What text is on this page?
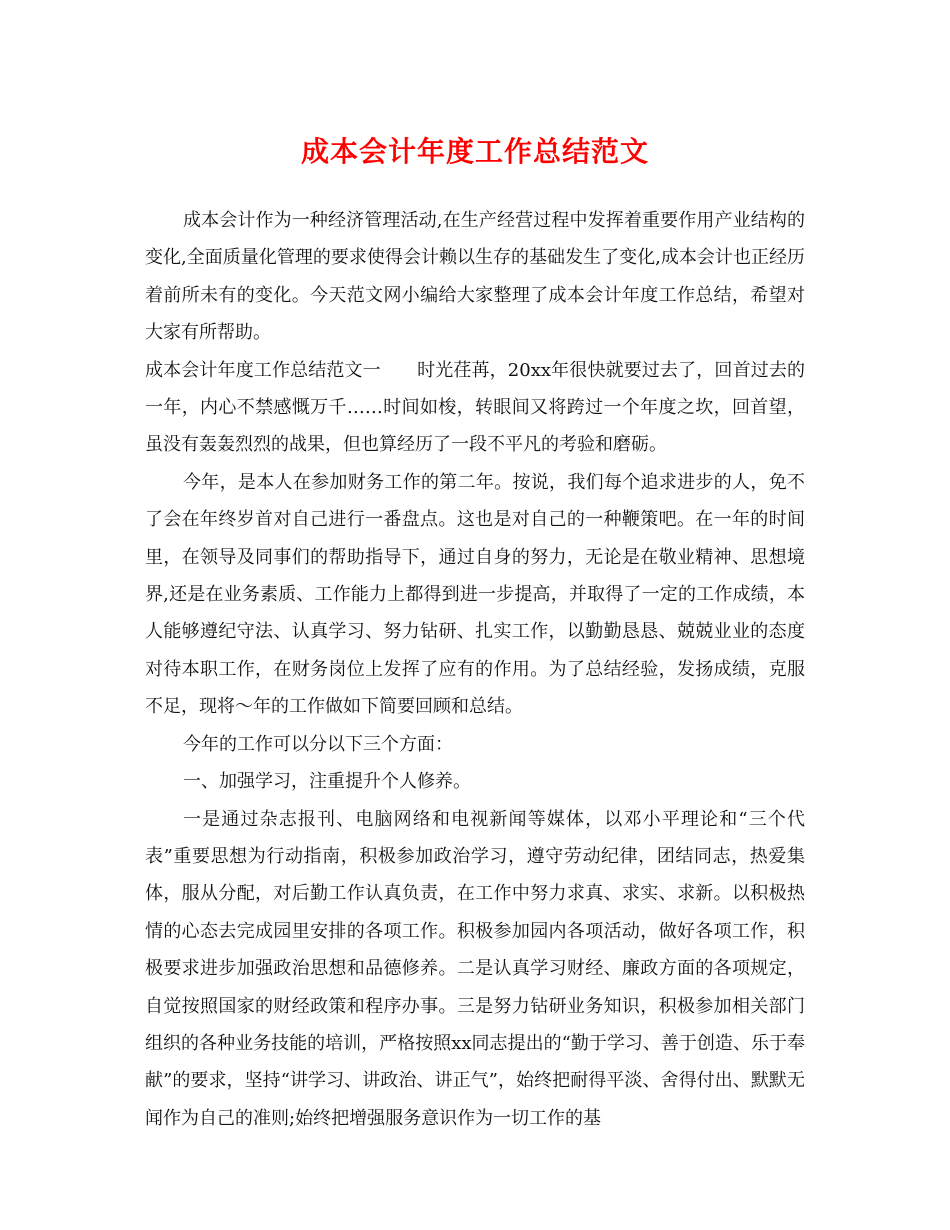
成本会计年度工作总结范文

成本会计作为一种经济管理活动,在生产经营过程中发挥着重要作用产业结构的变化,全面质量化管理的要求使得会计赖以生存的基础发生了变化,成本会计也正经历着前所未有的变化。今天范文网小编给大家整理了成本会计年度工作总结，希望对大家有所帮助。

成本会计年度工作总结范文一　　时光荏苒，20xx年很快就要过去了，回首过去的一年，内心不禁感慨万千……时间如梭，转眼间又将跨过一个年度之坎，回首望，虽没有轰轰烈烈的战果，但也算经历了一段不平凡的考验和磨砺。

今年，是本人在参加财务工作的第二年。按说，我们每个追求进步的人，免不了会在年终岁首对自己进行一番盘点。这也是对自己的一种鞭策吧。在一年的时间里，在领导及同事们的帮助指导下，通过自身的努力，无论是在敬业精神、思想境界,还是在业务素质、工作能力上都得到进一步提高，并取得了一定的工作成绩，本人能够遵纪守法、认真学习、努力钻研、扎实工作，以勤勤恳恳、兢兢业业的态度对待本职工作，在财务岗位上发挥了应有的作用。为了总结经验，发扬成绩，克服不足，现将～年的工作做如下简要回顾和总结。

今年的工作可以分以下三个方面：

一、加强学习，注重提升个人修养。

一是通过杂志报刊、电脑网络和电视新闻等媒体，以邓小平理论和“三个代表”重要思想为行动指南，积极参加政治学习，遵守劳动纪律，团结同志，热爱集体，服从分配，对后勤工作认真负责，在工作中努力求真、求实、求新。以积极热情的心态去完成园里安排的各项工作。积极参加园内各项活动，做好各项工作，积极要求进步加强政治思想和品德修养。二是认真学习财经、廉政方面的各项规定，自觉按照国家的财经政策和程序办事。三是努力钻研业务知识，积极参加相关部门组织的各种业务技能的培训，严格按照xx同志提出的“勤于学习、善于创造、乐于奉献”的要求，坚持“讲学习、讲政治、讲正气”，始终把耐得平淡、舍得付出、默默无闻作为自己的准则;始终把增强服务意识作为一切工作的基
